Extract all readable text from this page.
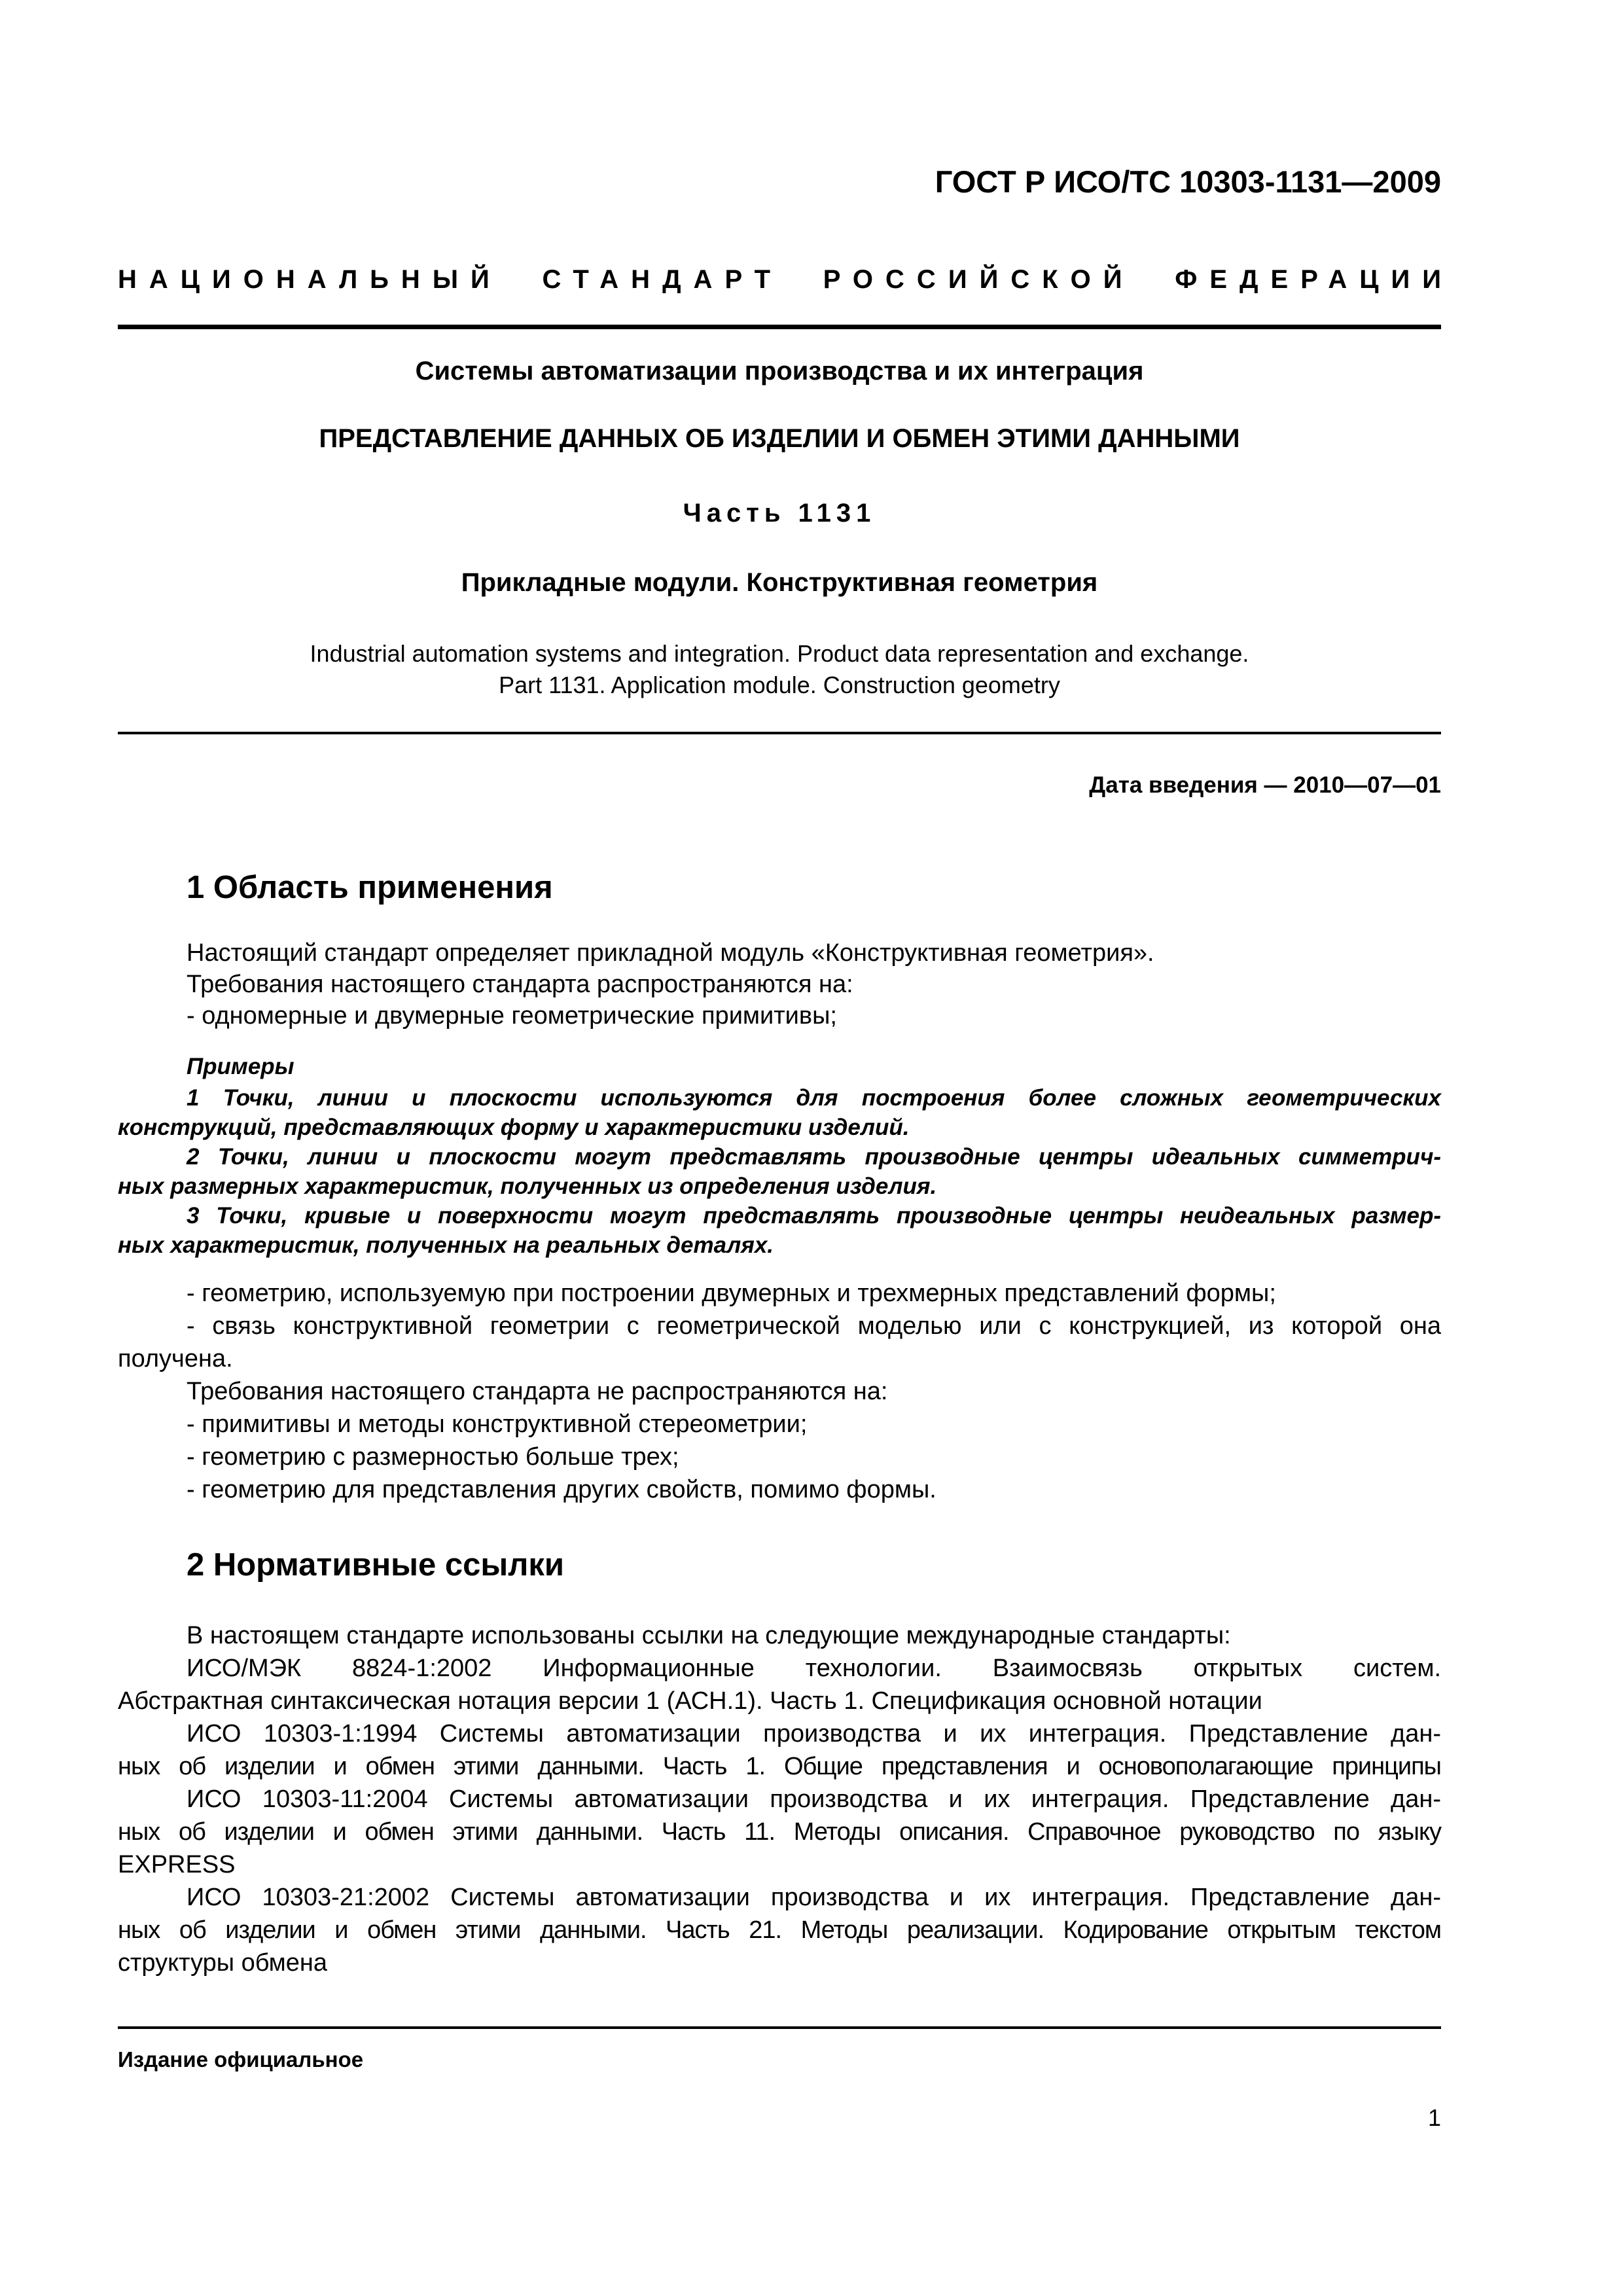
ГОСТ Р ИСО/ТС 10303-1131—2009
НАЦИОНАЛЬНЫЙ СТАНДАРТ РОССИЙСКОЙ ФЕДЕРАЦИИ
Системы автоматизации производства и их интеграция
ПРЕДСТАВЛЕНИЕ ДАННЫХ ОБ ИЗДЕЛИИ И ОБМЕН ЭТИМИ ДАННЫМИ
Часть 1131
Прикладные модули. Конструктивная геометрия
Industrial automation systems and integration. Product data representation and exchange.
Part 1131. Application module. Construction geometry
Дата введения — 2010—07—01
1 Область применения
Настоящий стандарт определяет прикладной модуль «Конструктивная геометрия».
Требования настоящего стандарта распространяются на:
- одномерные и двумерные геометрические примитивы;
Примеры
1 Точки, линии и плоскости используются для построения более сложных геометрических
конструкций, представляющих форму и характеристики изделий.
2 Точки, линии и плоскости могут представлять производные центры идеальных симметрич-
ных размерных характеристик, полученных из определения изделия.
3 Точки, кривые и поверхности могут представлять производные центры неидеальных размер-
ных характеристик, полученных на реальных деталях.
- геометрию, используемую при построении двумерных и трехмерных представлений формы;
- связь конструктивной геометрии с геометрической моделью или с конструкцией, из которой она
получена.
Требования настоящего стандарта не распространяются на:
- примитивы и методы конструктивной стереометрии;
- геометрию с размерностью больше трех;
- геометрию для представления других свойств, помимо формы.
2 Нормативные ссылки
В настоящем стандарте использованы ссылки на следующие международные стандарты:
ИСО/МЭК 8824-1:2002 Информационные технологии. Взаимосвязь открытых систем.
Абстрактная синтаксическая нотация версии 1 (АСН.1). Часть 1. Спецификация основной нотации
ИСО 10303-1:1994 Системы автоматизации производства и их интеграция. Представление дан-
ных об изделии и обмен этими данными. Часть 1. Общие представления и основополагающие принципы
ИСО 10303-11:2004 Системы автоматизации производства и их интеграция. Представление дан-
ных об изделии и обмен этими данными. Часть 11. Методы описания. Справочное руководство по языку
EXPRESS
ИСО 10303-21:2002 Системы автоматизации производства и их интеграция. Представление дан-
ных об изделии и обмен этими данными. Часть 21. Методы реализации. Кодирование открытым текстом
структуры обмена
Издание официальное
1
